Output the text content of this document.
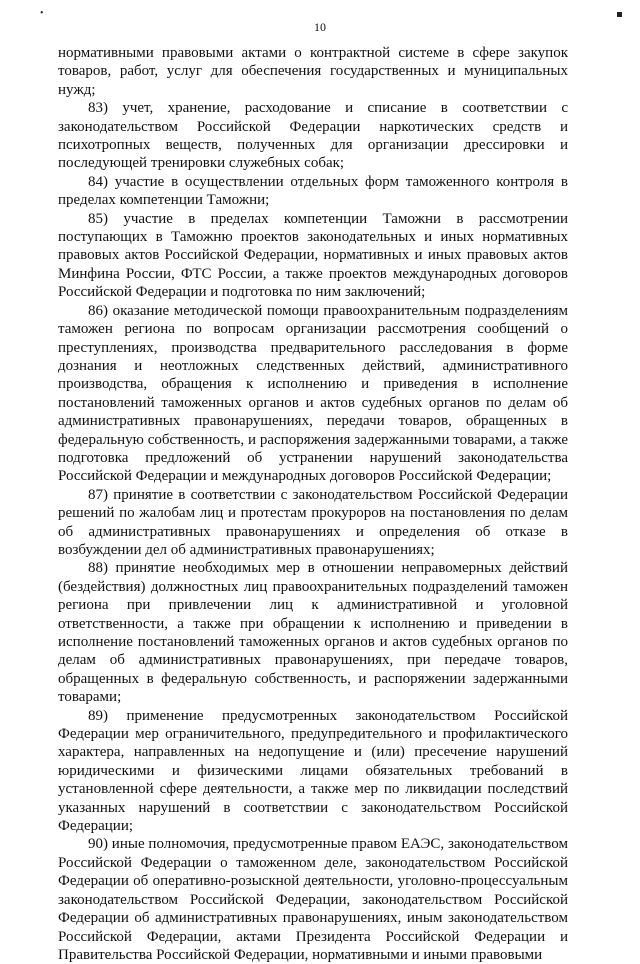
•
10

нормативными правовыми актами о контрактной системе в сфере закупок товаров, работ, услуг для обеспечения государственных и муниципальных нужд;

83) учет, хранение, расходование и списание в соответствии с законодательством Российской Федерации наркотических средств и психотропных веществ, полученных для организации дрессировки и последующей тренировки служебных собак;

84) участие в осуществлении отдельных форм таможенного контроля в пределах компетенции Таможни;

85) участие в пределах компетенции Таможни в рассмотрении поступающих в Таможню проектов законодательных и иных нормативных правовых актов Российской Федерации, нормативных и иных правовых актов Минфина России, ФТС России, а также проектов международных договоров Российской Федерации и подготовка по ним заключений;

86) оказание методической помощи правоохранительным подразделениям таможен региона по вопросам организации рассмотрения сообщений о преступлениях, производства предварительного расследования в форме дознания и неотложных следственных действий, административного производства, обращения к исполнению и приведения в исполнение постановлений таможенных органов и актов судебных органов по делам об административных правонарушениях, передачи товаров, обращенных в федеральную собственность, и распоряжения задержанными товарами, а также подготовка предложений об устранении нарушений законодательства Российской Федерации и международных договоров Российской Федерации;

87) принятие в соответствии с законодательством Российской Федерации решений по жалобам лиц и протестам прокуроров на постановления по делам об административных правонарушениях и определения об отказе в возбуждении дел об административных правонарушениях;

88) принятие необходимых мер в отношении неправомерных действий (бездействия) должностных лиц правоохранительных подразделений таможен региона при привлечении лиц к административной и уголовной ответственности, а также при обращении к исполнению и приведении в исполнение постановлений таможенных органов и актов судебных органов по делам об административных правонарушениях, при передаче товаров, обращенных в федеральную собственность, и распоряжении задержанными товарами;

89) применение предусмотренных законодательством Российской Федерации мер ограничительного, предупредительного и профилактического характера, направленных на недопущение и (или) пресечение нарушений юридическими и физическими лицами обязательных требований в установленной сфере деятельности, а также мер по ликвидации последствий указанных нарушений в соответствии с законодательством Российской Федерации;

90) иные полномочия, предусмотренные правом ЕАЭС, законодательством Российской Федерации о таможенном деле, законодательством Российской Федерации об оперативно-розыскной деятельности, уголовно-процессуальным законодательством Российской Федерации, законодательством Российской Федерации об административных правонарушениях, иным законодательством Российской Федерации, актами Президента Российской Федерации и Правительства Российской Федерации, нормативными и иными правовыми
